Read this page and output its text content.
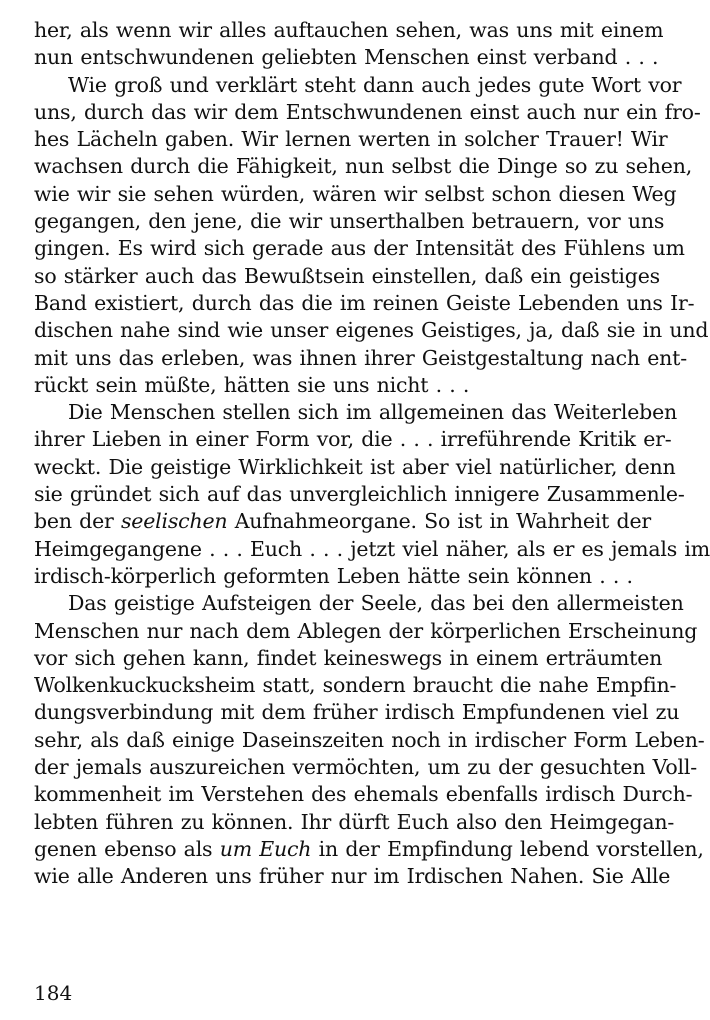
her, als wenn wir alles auftauchen sehen, was uns mit einem
nun entschwundenen geliebten Menschen einst verband . . .
Wie groß und verklärt steht dann auch jedes gute Wort vor
uns, durch das wir dem Entschwundenen einst auch nur ein fro-
hes Lächeln gaben. Wir lernen werten in solcher Trauer! Wir
wachsen durch die Fähigkeit, nun selbst die Dinge so zu sehen,
wie wir sie sehen würden, wären wir selbst schon diesen Weg
gegangen, den jene, die wir unserthalben betrauern, vor uns
gingen. Es wird sich gerade aus der Intensität des Fühlens um
so stärker auch das Bewußtsein einstellen, daß ein geistiges
Band existiert, durch das die im reinen Geiste Lebenden uns Ir-
dischen nahe sind wie unser eigenes Geistiges, ja, daß sie in und
mit uns das erleben, was ihnen ihrer Geistgestaltung nach ent-
rückt sein müßte, hätten sie uns nicht . . .
Die Menschen stellen sich im allgemeinen das Weiterleben
ihrer Lieben in einer Form vor, die . . . irreführende Kritik er-
weckt. Die geistige Wirklichkeit ist aber viel natürlicher, denn
sie gründet sich auf das unvergleichlich innigere Zusammenle-
ben der seelischen Aufnahmeorgane. So ist in Wahrheit der
Heimgegangene . . . Euch . . . jetzt viel näher, als er es jemals im
irdisch-körperlich geformten Leben hätte sein können . . .
Das geistige Aufsteigen der Seele, das bei den allermeisten
Menschen nur nach dem Ablegen der körperlichen Erscheinung
vor sich gehen kann, findet keineswegs in einem erträumten
Wolkenkuckucksheim statt, sondern braucht die nahe Empfin-
dungsverbindung mit dem früher irdisch Empfundenen viel zu
sehr, als daß einige Daseinszeiten noch in irdischer Form Leben-
der jemals auszureichen vermöchten, um zu der gesuchten Voll-
kommenheit im Verstehen des ehemals ebenfalls irdisch Durch-
lebten führen zu können. Ihr dürft Euch also den Heimgegan-
genen ebenso als um Euch in der Empfindung lebend vorstellen,
wie alle Anderen uns früher nur im Irdischen Nahen. Sie Alle
184
